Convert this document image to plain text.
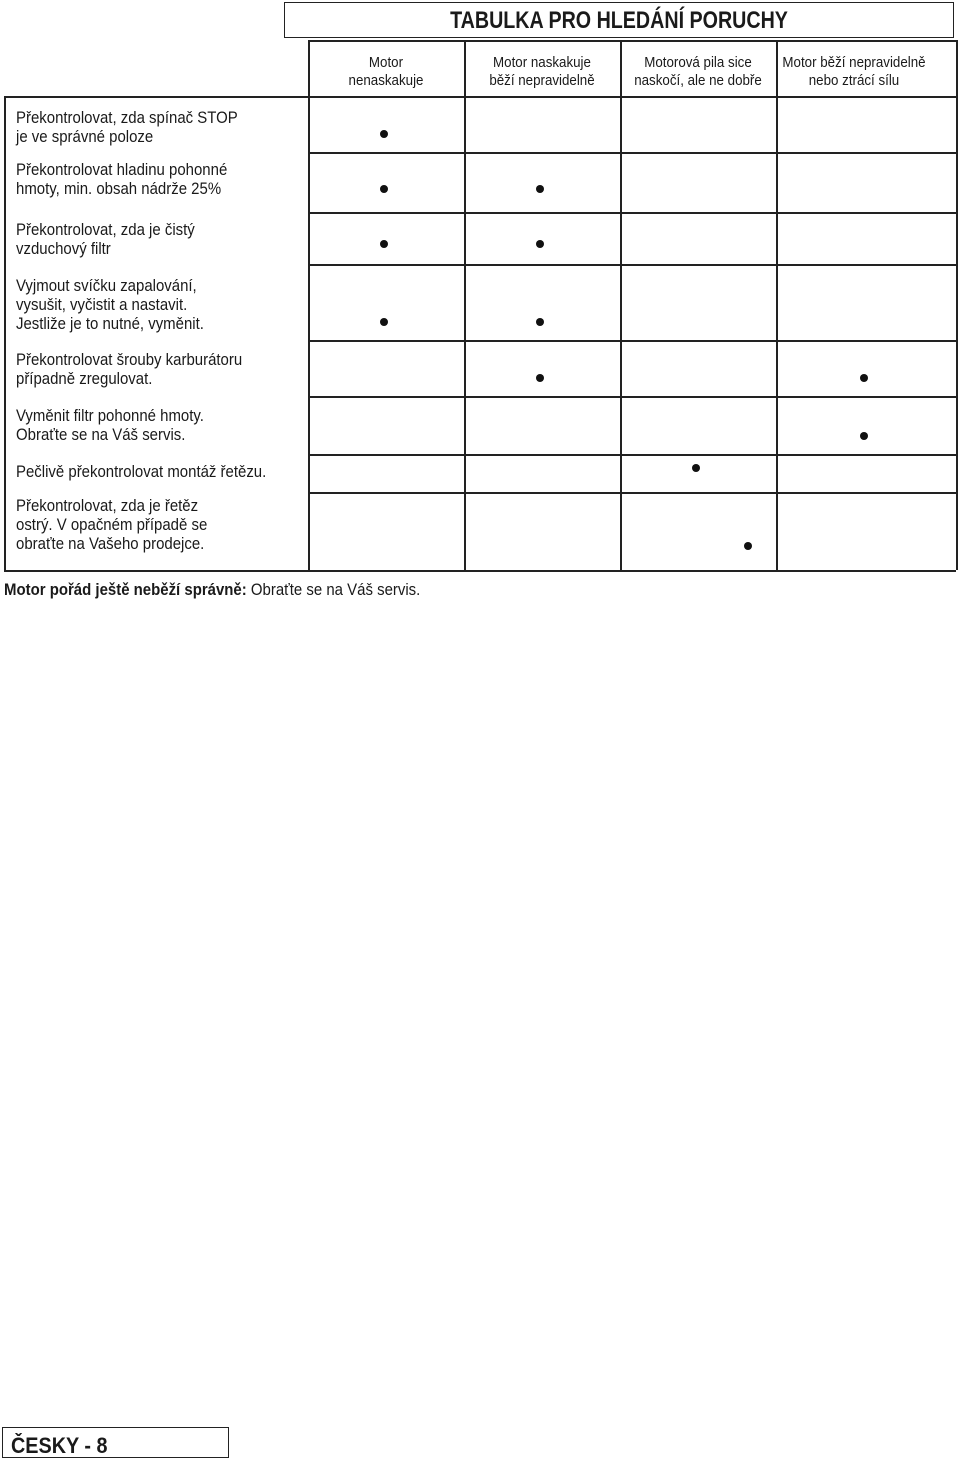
TABULKA PRO HLEDÁNÍ PORUCHY
Motor
nenaskakuje
Motor naskakuje
běží nepravidelně
Motorová pila sice
naskočí, ale ne dobře
Motor běží nepravidelně
nebo ztrácí sílu
Překontrolovat, zda spínač STOP
je ve správné poloze
Překontrolovat hladinu pohonné
hmoty, min. obsah nádrže 25%
Překontrolovat, zda je čistý
vzduchový filtr
Vyjmout svíčku zapalování,
vysušit, vyčistit a nastavit.
Jestliže je to nutné, vyměnit.
Překontrolovat šrouby karburátoru
případně zregulovat.
Vyměnit filtr pohonné hmoty.
Obraťte se na Váš servis.
Pečlivě překontrolovat montáž řetězu.
Překontrolovat, zda je řetěz
ostrý. V opačném případě se
obraťte na Vašeho prodejce.
Motor pořád ještě neběží správně: Obraťte se na Váš servis.
ČESKY - 8
